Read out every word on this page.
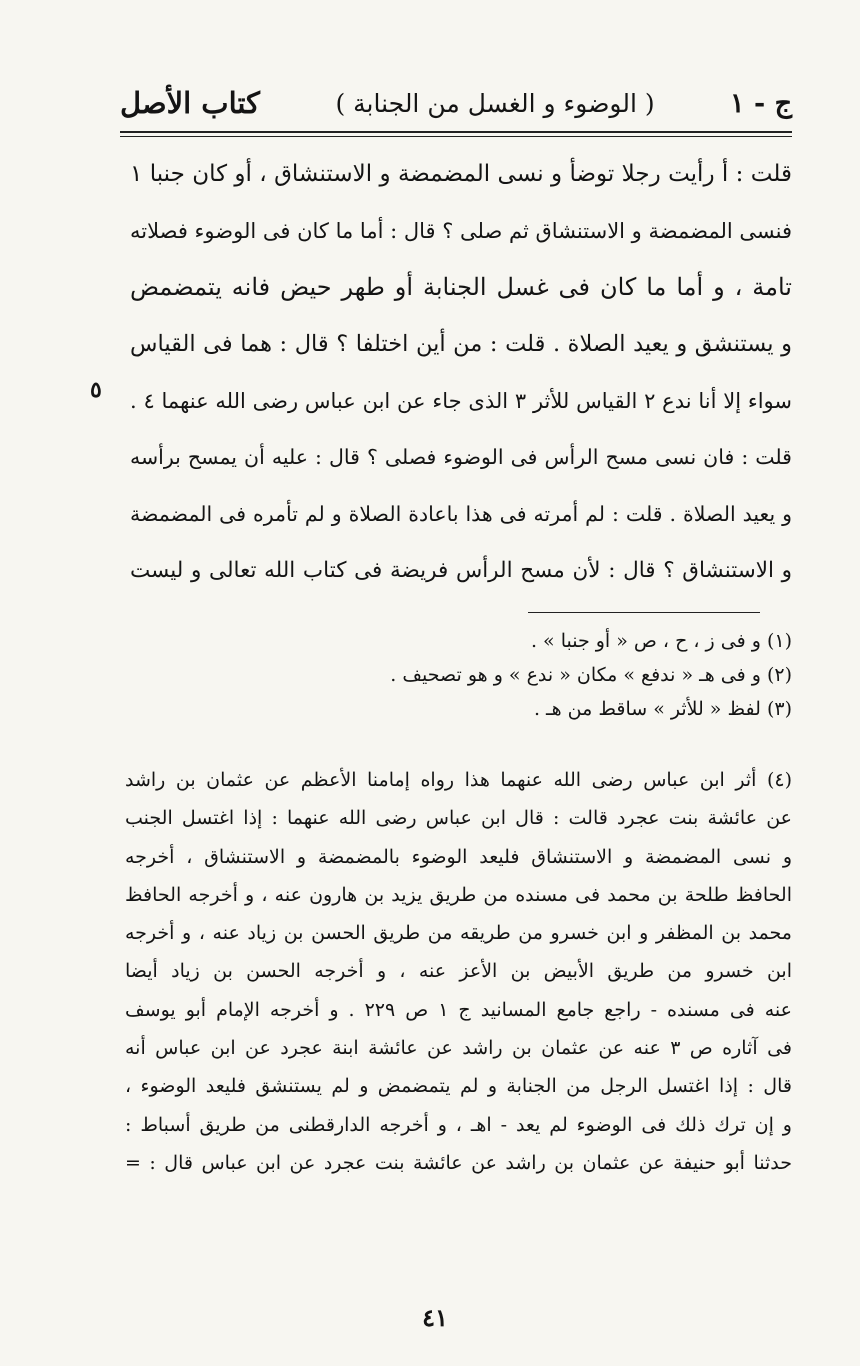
كتاب الأصل	( الوضوء و الغسل من الجنابة )	ج - ١
قلت : أ رأيت رجلا توضأ و نسى المضمضة و الاستنشاق ، أو كان جنبا ١
فنسى المضمضة و الاستنشاق ثم صلى ؟ قال : أما ما كان فى الوضوء فصلاته
تامة ، و أما ما كان فى غسل الجنابة أو طهر حيض فانه يتمضمض
و يستنشق و يعيد الصلاة . قلت : من أين اختلفا ؟ قال : هما فى القياس
سواء إلا أنا ندع ٢ القياس للأثر ٣ الذى جاء عن ابن عباس رضى الله عنهما ٤ .
قلت : فان نسى مسح الرأس فى الوضوء فصلى ؟ قال : عليه أن يمسح برأسه
و يعيد الصلاة . قلت : لم أمرته فى هذا باعادة الصلاة و لم تأمره فى المضمضة
و الاستنشاق ؟ قال : لأن مسح الرأس فريضة فى كتاب الله تعالى و ليست
٥
(١) و فى ز ، ح ، ص « أو جنبا » .
(٢) و فى هـ « ندفع » مكان « ندع » و هو تصحيف .
(٣) لفظ « للأثر » ساقط من هـ .
(٤) أثر ابن عباس رضى الله عنهما هذا رواه إمامنا الأعظم عن عثمان بن راشد
عن عائشة بنت عجرد قالت : قال ابن عباس رضى الله عنهما : إذا اغتسل الجنب
و نسى المضمضة و الاستنشاق فليعد الوضوء بالمضمضة و الاستنشاق ، أخرجه
الحافظ طلحة بن محمد فى مسنده من طريق يزيد بن هارون عنه ، و أخرجه الحافظ
محمد بن المظفر و ابن خسرو من طريقه من طريق الحسن بن زياد عنه ، و أخرجه
ابن خسرو من طريق الأبيض بن الأعز عنه ، و أخرجه الحسن بن زياد أيضا
عنه فى مسنده - راجع جامع المسانيد ج ١ ص ٢٢٩ . و أخرجه الإمام أبو يوسف
فى آثاره ص ٣ عنه عن عثمان بن راشد عن عائشة ابنة عجرد عن ابن عباس أنه
قال : إذا اغتسل الرجل من الجنابة و لم يتمضمض و لم يستنشق فليعد الوضوء ،
و إن ترك ذلك فى الوضوء لم يعد - اهـ ، و أخرجه الدارقطنى من طريق أسباط :
حدثنا أبو حنيفة عن عثمان بن راشد عن عائشة بنت عجرد عن ابن عباس قال : =
٤١
